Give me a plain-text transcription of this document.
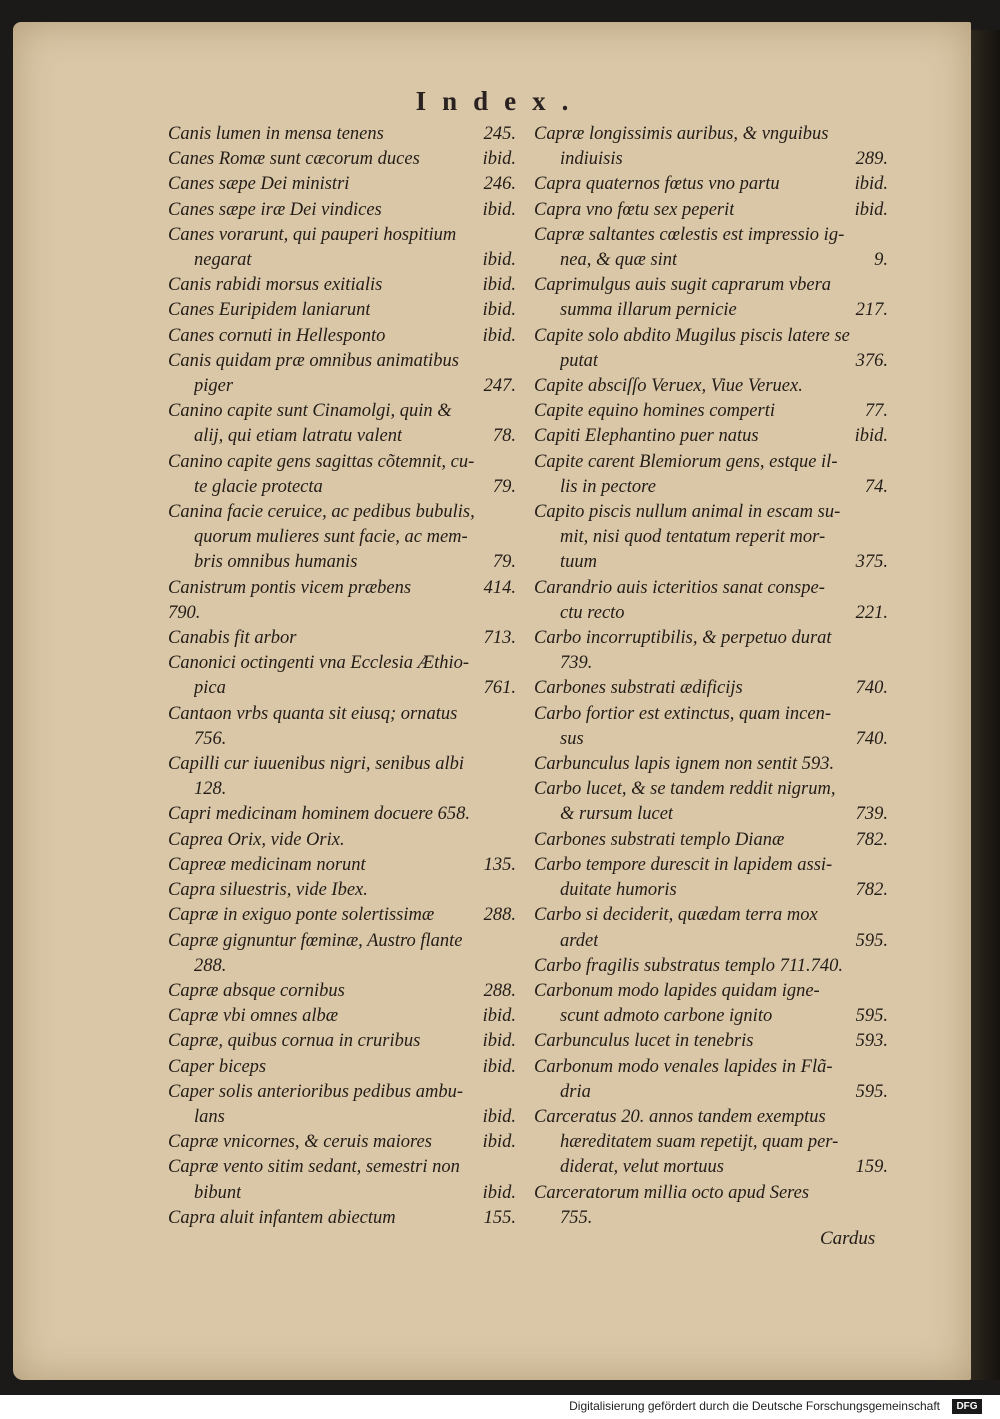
Index.
Canis lumen in mensa tenens	245.
Canes Romæ sunt cæcorum duces	ibid.
Canes sæpe Dei ministri	246.
Canes sæpe iræ Dei vindices	ibid.
Canes vorarunt, qui pauperi hospitium
negarat	ibid.
Canis rabidi morsus exitialis	ibid.
Canes Euripidem laniarunt	ibid.
Canes cornuti in Hellesponto	ibid.
Canis quidam præ omnibus animatibus
piger	247.
Canino capite sunt Cinamolgi, quin &
alij, qui etiam latratu valent	78.
Canino capite gens sagittas cõtemnit, cu-
te glacie protecta	79.
Canina facie ceruice, ac pedibus bubulis,
quorum mulieres sunt facie, ac mem-
bris omnibus humanis	79.
Canistrum pontis vicem præbens	414.
790.
Canabis fit arbor	713.
Canonici octingenti vna Ecclesia Æthio-
pica	761.
Cantaon vrbs quanta sit eiusq; ornatus
756.
Capilli cur iuuenibus nigri, senibus albi
128.
Capri medicinam hominem docuere 658.
Caprea Orix, vide Orix.
Capreæ medicinam norunt	135.
Capra siluestris, vide Ibex.
Capræ in exiguo ponte solertissimæ	288.
Capræ gignuntur fœminæ, Austro flante
288.
Capræ absque cornibus	288.
Capræ vbi omnes albæ	ibid.
Capræ, quibus cornua in cruribus	ibid.
Caper biceps	ibid.
Caper solis anterioribus pedibus ambu-
lans	ibid.
Capræ vnicornes, & ceruis maiores	ibid.
Capræ vento sitim sedant, semestri non
bibunt	ibid.
Capra aluit infantem abiectum	155.
Capræ longissimis auribus, & vnguibus
indiuisis	289.
Capra quaternos fœtus vno partu	ibid.
Capra vno fœtu sex peperit	ibid.
Capræ saltantes cœlestis est impressio ig-
nea, & quæ sint	9.
Caprimulgus auis sugit caprarum vbera
summa illarum pernicie	217.
Capite solo abdito Mugilus piscis latere se
putat	376.
Capite absciſſo Veruex, Viue Veruex.
Capite equino homines comperti	77.
Capiti Elephantino puer natus	ibid.
Capite carent Blemiorum gens, estque il-
lis in pectore	74.
Capito piscis nullum animal in escam su-
mit, nisi quod tentatum reperit mor-
tuum	375.
Carandrio auis icteritios sanat conspe-
ctu recto	221.
Carbo incorruptibilis, & perpetuo durat
739.
Carbones substrati ædificijs	740.
Carbo fortior est extinctus, quam incen-
sus	740.
Carbunculus lapis ignem non sentit 593.
Carbo lucet, & se tandem reddit nigrum,
& rursum lucet	739.
Carbones substrati templo Dianæ	782.
Carbo tempore durescit in lapidem assi-
duitate humoris	782.
Carbo si deciderit, quædam terra mox
ardet	595.
Carbo fragilis substratus templo 711.740.
Carbonum modo lapides quidam igne-
scunt admoto carbone ignito	595.
Carbunculus lucet in tenebris	593.
Carbonum modo venales lapides in Flã-
dria	595.
Carceratus 20. annos tandem exemptus
hæreditatem suam repetijt, quam per-
diderat, velut mortuus	159.
Carceratorum millia octo apud Seres
755.
Cardus
Digitalisierung gefördert durch die Deutsche Forschungsgemeinschaft	DFG
